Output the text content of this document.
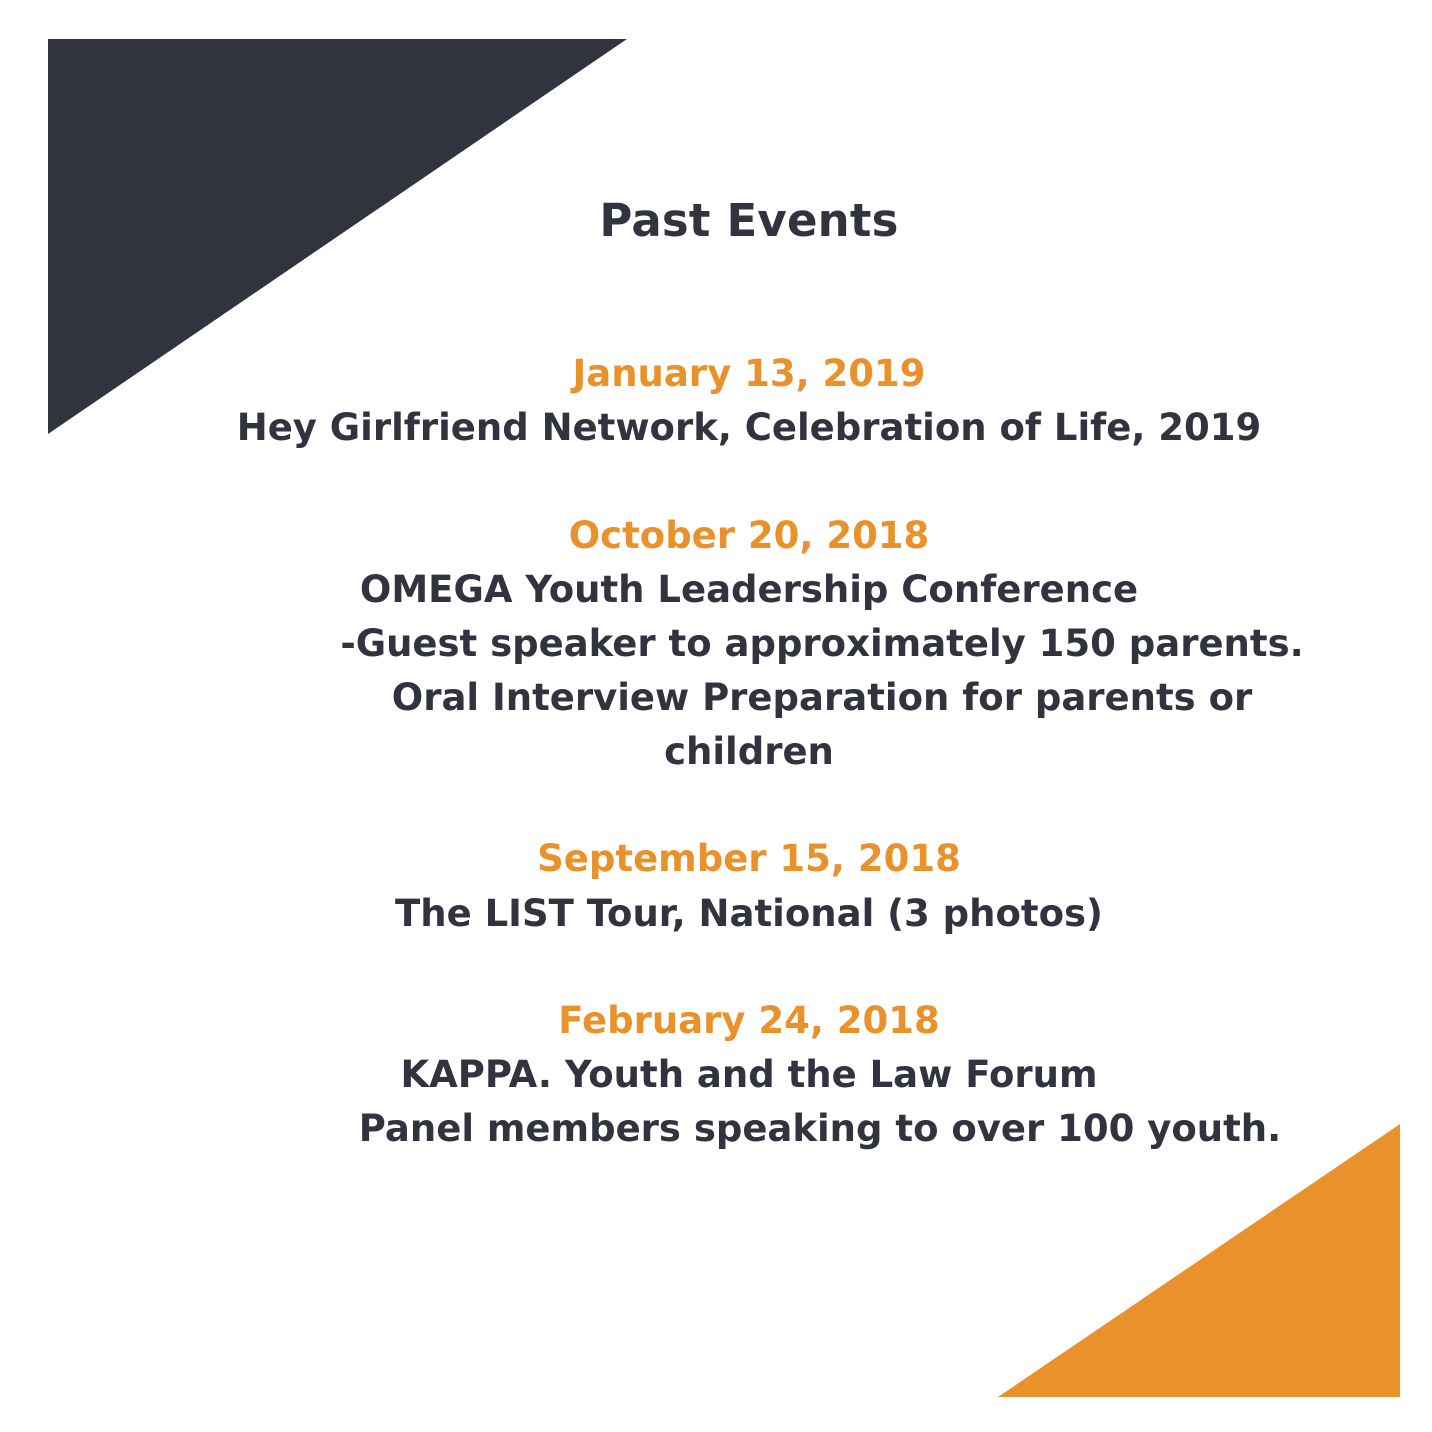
Past Events
January 13, 2019
Hey Girlfriend Network, Celebration of Life, 2019
October 20, 2018
OMEGA Youth Leadership Conference
-Guest speaker to approximately 150 parents.
Oral Interview Preparation for parents or
children
September 15, 2018
The LIST Tour, National (3 photos)
February 24, 2018
KAPPA. Youth and the Law Forum
Panel members speaking to over 100 youth.
